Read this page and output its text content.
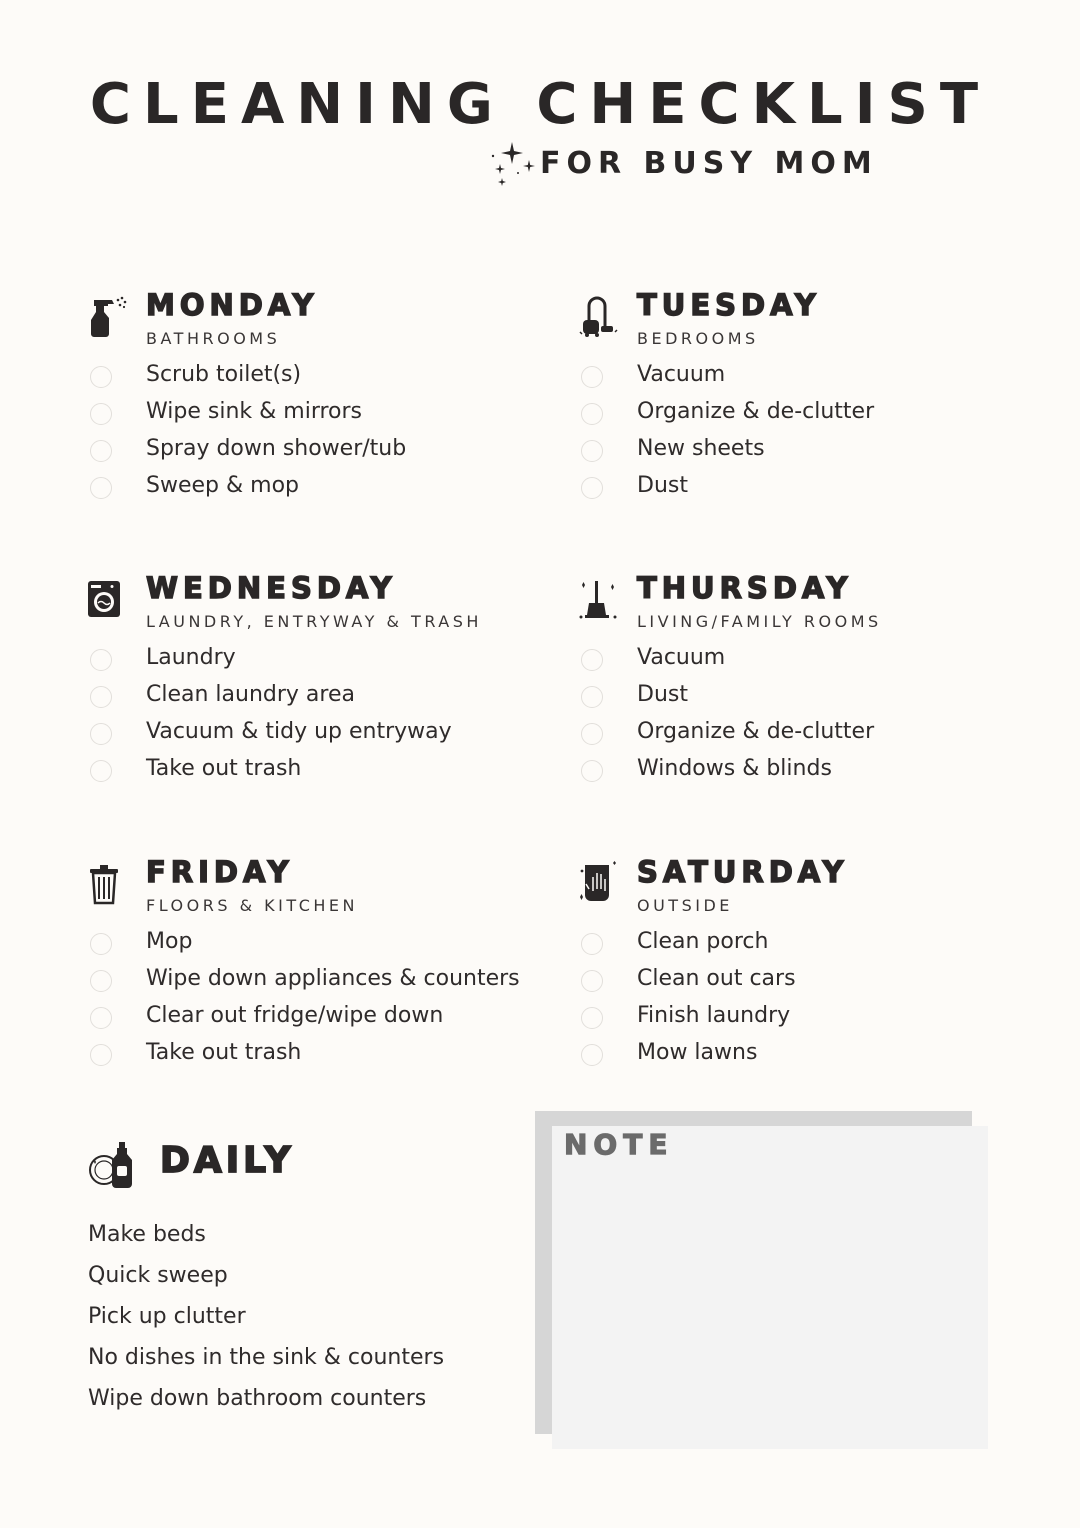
CLEANING CHECKLIST
FOR BUSY MOM
MONDAY
BATHROOMS
Scrub toilet(s)
Wipe sink & mirrors
Spray down shower/tub
Sweep & mop
TUESDAY
BEDROOMS
Vacuum
Organize & de-clutter
New sheets
Dust
WEDNESDAY
LAUNDRY, ENTRYWAY & TRASH
Laundry
Clean laundry area
Vacuum & tidy up entryway
Take out trash
THURSDAY
LIVING/FAMILY ROOMS
Vacuum
Dust
Organize & de-clutter
Windows & blinds
FRIDAY
FLOORS & KITCHEN
Mop
Wipe down appliances & counters
Clear out fridge/wipe down
Take out trash
SATURDAY
OUTSIDE
Clean porch
Clean out cars
Finish laundry
Mow lawns
DAILY
Make beds
Quick sweep
Pick up clutter
No dishes in the sink & counters
Wipe down bathroom counters
NOTE
